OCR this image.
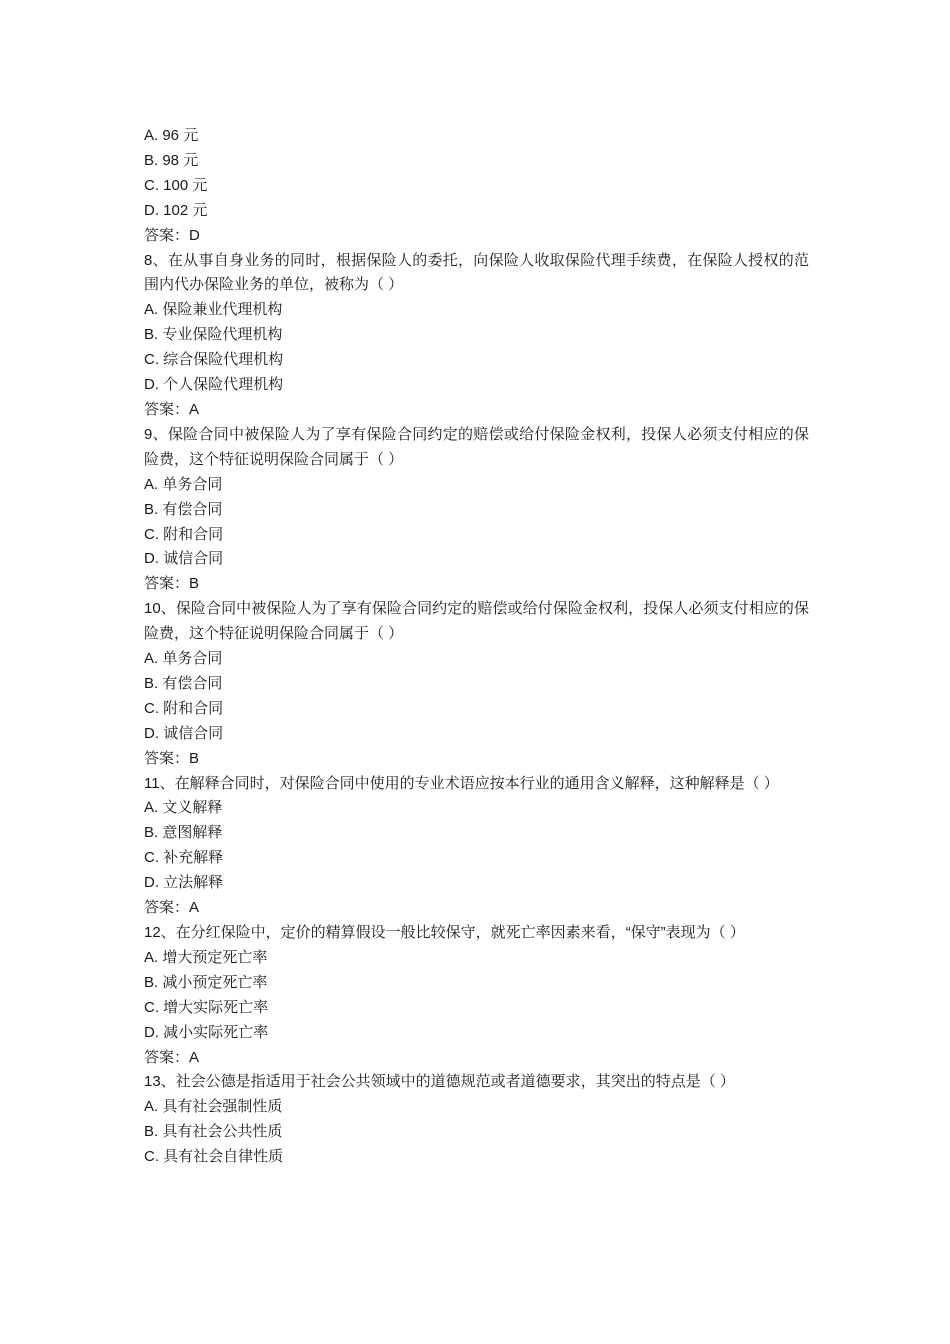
A. 96 元
B. 98 元
C. 100 元
D. 102 元
答案：D
8、在从事自身业务的同时，根据保险人的委托，向保险人收取保险代理手续费，在保险人授权的范围内代办保险业务的单位，被称为（ ）
A. 保险兼业代理机构
B. 专业保险代理机构
C. 综合保险代理机构
D. 个人保险代理机构
答案：A
9、保险合同中被保险人为了享有保险合同约定的赔偿或给付保险金权利，投保人必须支付相应的保险费，这个特征说明保险合同属于（ ）
A. 单务合同
B. 有偿合同
C. 附和合同
D. 诚信合同
答案：B
10、保险合同中被保险人为了享有保险合同约定的赔偿或给付保险金权利，投保人必须支付相应的保险费，这个特征说明保险合同属于（ ）
A. 单务合同
B. 有偿合同
C. 附和合同
D. 诚信合同
答案：B
11、在解释合同时，对保险合同中使用的专业术语应按本行业的通用含义解释，这种解释是（ ）
A. 文义解释
B. 意图解释
C. 补充解释
D. 立法解释
答案：A
12、在分红保险中，定价的精算假设一般比较保守，就死亡率因素来看，“保守”表现为（ ）
A. 增大预定死亡率
B. 减小预定死亡率
C. 增大实际死亡率
D. 减小实际死亡率
答案：A
13、社会公德是指适用于社会公共领域中的道德规范或者道德要求，其突出的特点是（ ）
A. 具有社会强制性质
B. 具有社会公共性质
C. 具有社会自律性质
